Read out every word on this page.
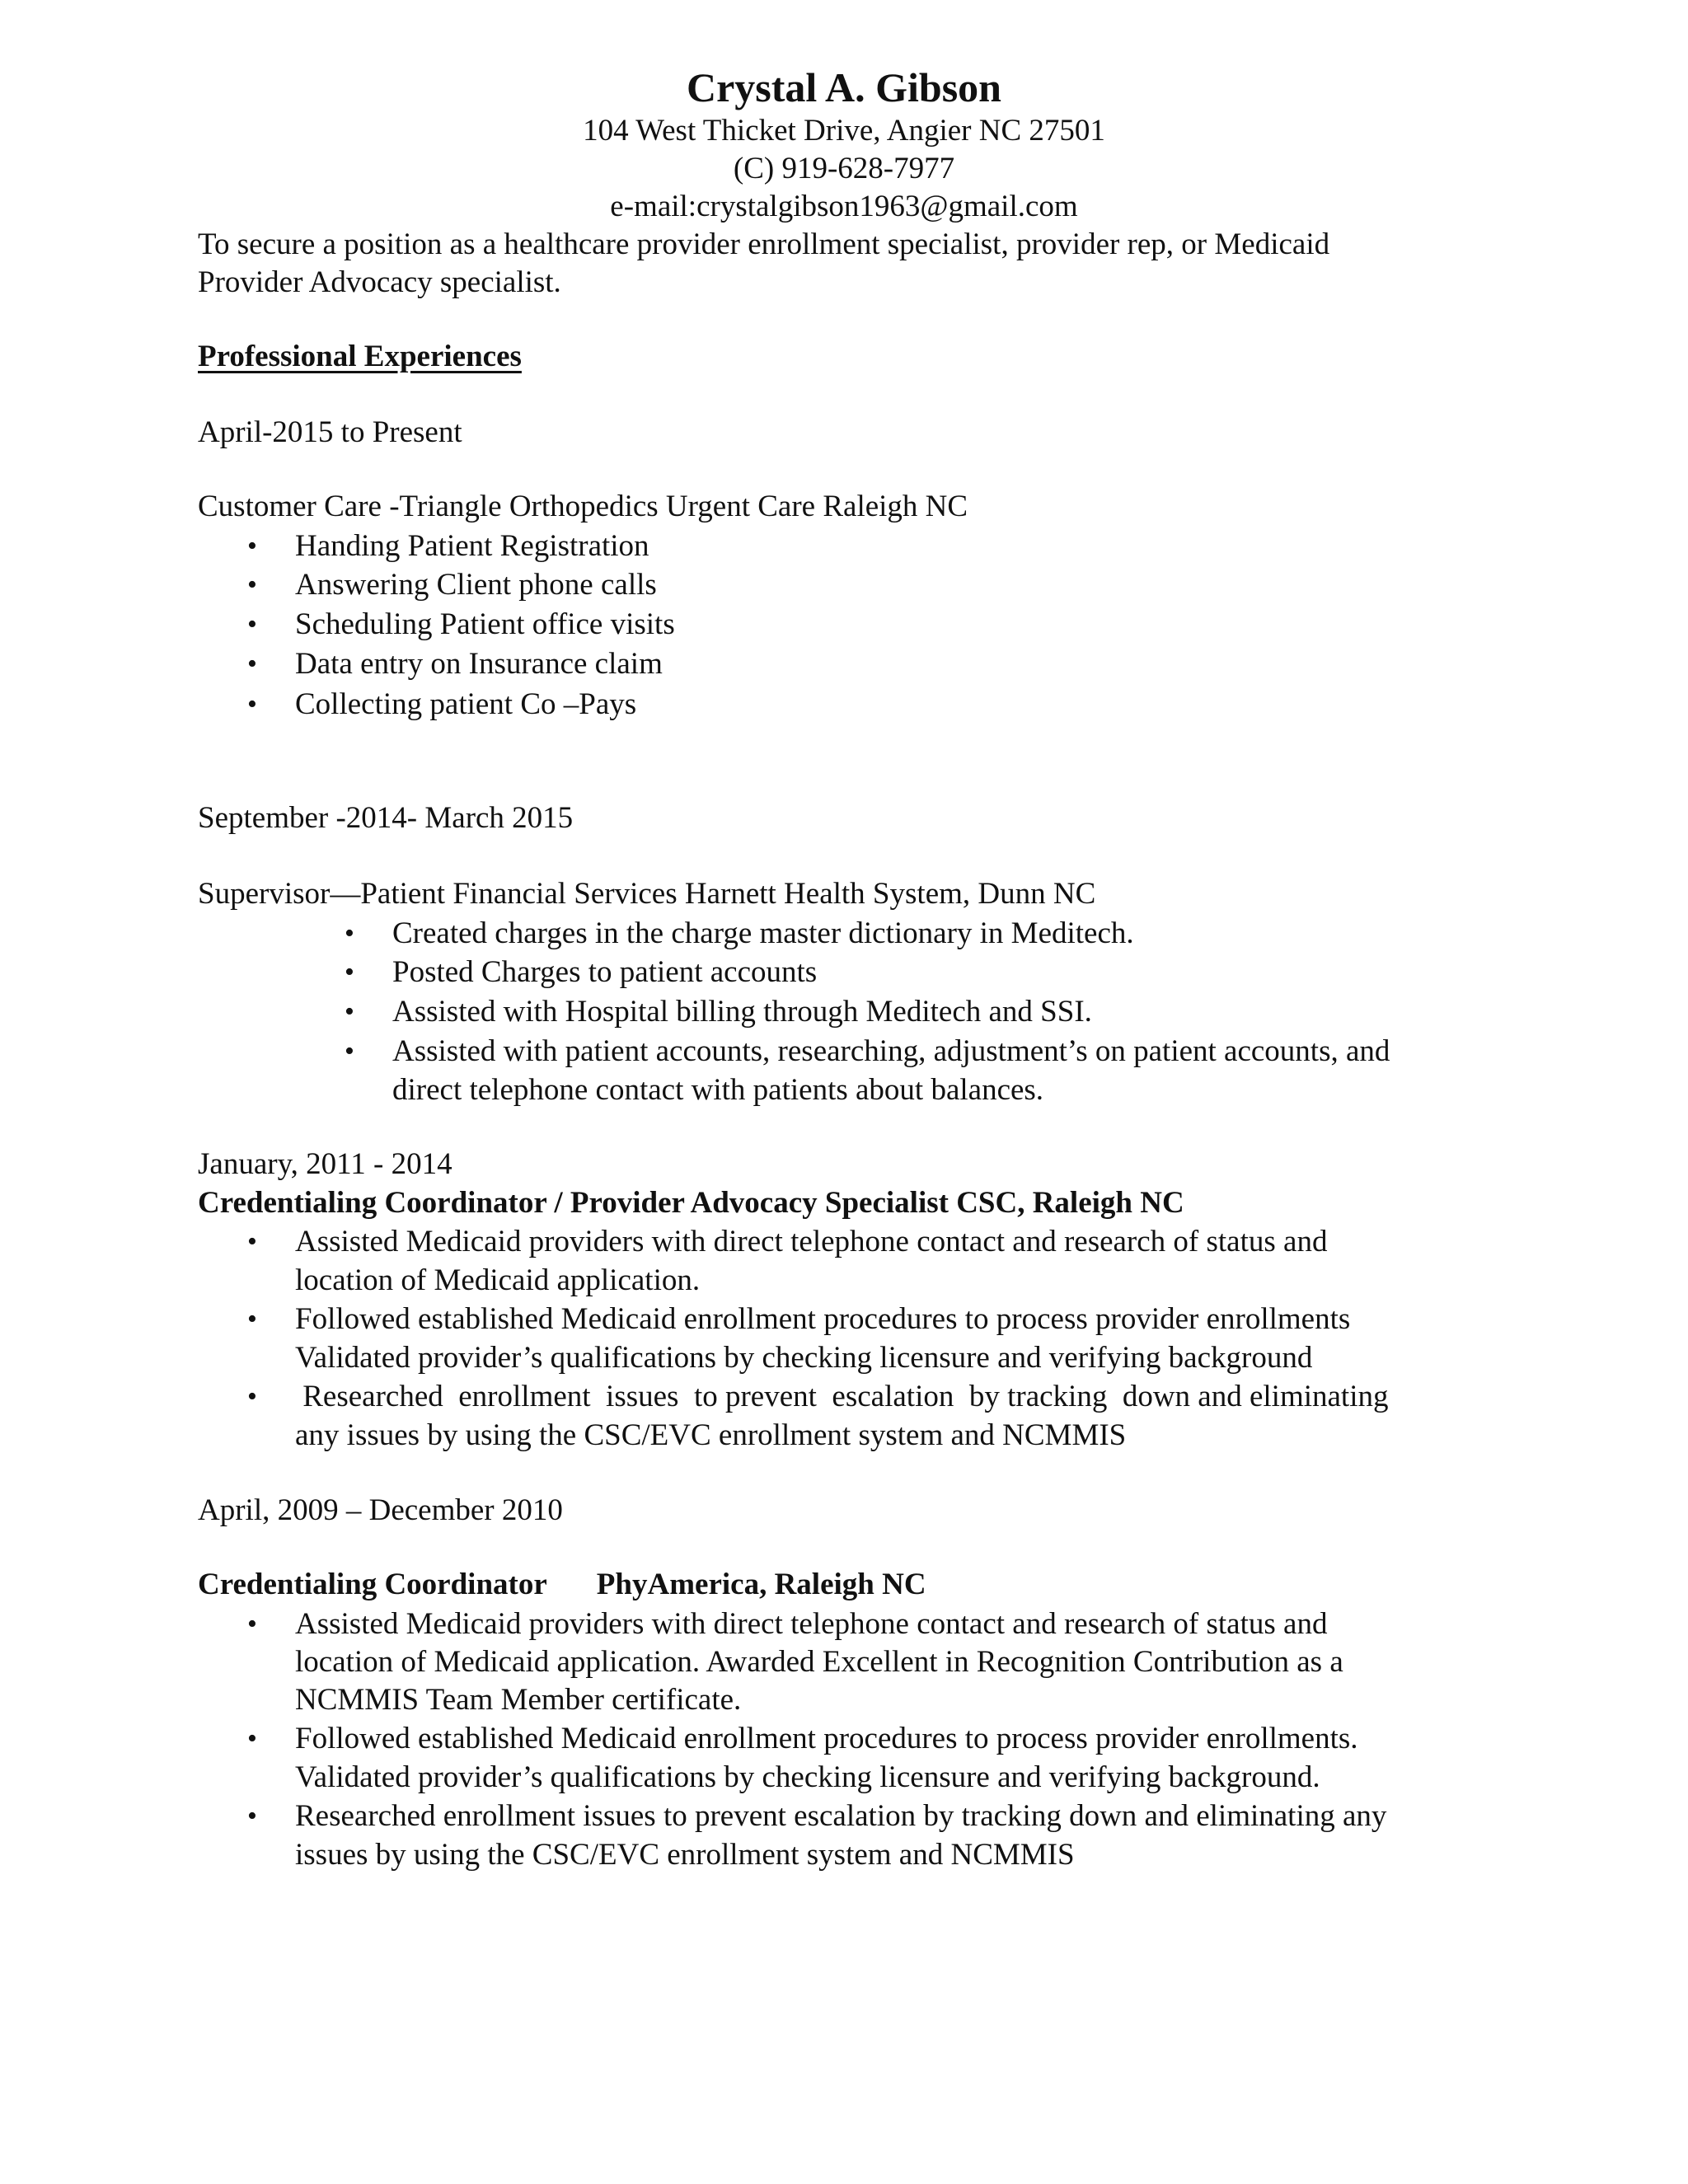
Crystal A. Gibson
104 West Thicket Drive, Angier NC 27501
(C) 919-628-7977
e-mail:crystalgibson1963@gmail.com
To secure a position as a healthcare provider enrollment specialist, provider rep, or Medicaid
Provider Advocacy specialist.
Professional Experiences
April-2015 to Present
Customer Care -Triangle Orthopedics Urgent Care Raleigh NC
• Handing Patient Registration
• Answering Client phone calls
• Scheduling Patient office visits
• Data entry on Insurance claim
• Collecting patient Co –Pays
September -2014- March 2015
Supervisor—Patient Financial Services Harnett Health System, Dunn NC
• Created charges in the charge master dictionary in Meditech.
• Posted Charges to patient accounts
• Assisted with Hospital billing through Meditech and SSI.
• Assisted with patient accounts, researching, adjustment’s on patient accounts, and
direct telephone contact with patients about balances.
January, 2011 - 2014
Credentialing Coordinator / Provider Advocacy Specialist CSC, Raleigh NC
• Assisted Medicaid providers with direct telephone contact and research of status and
location of Medicaid application.
• Followed established Medicaid enrollment procedures to process provider enrollments
Validated provider’s qualifications by checking licensure and verifying background
• Researched  enrollment  issues  to prevent  escalation  by tracking  down and eliminating
any issues by using the CSC/EVC enrollment system and NCMMIS
April, 2009 – December 2010
Credentialing Coordinator PhyAmerica, Raleigh NC
• Assisted Medicaid providers with direct telephone contact and research of status and
location of Medicaid application. Awarded Excellent in Recognition Contribution as a
NCMMIS Team Member certificate.
• Followed established Medicaid enrollment procedures to process provider enrollments.
Validated provider’s qualifications by checking licensure and verifying background.
• Researched enrollment issues to prevent escalation by tracking down and eliminating any
issues by using the CSC/EVC enrollment system and NCMMIS
